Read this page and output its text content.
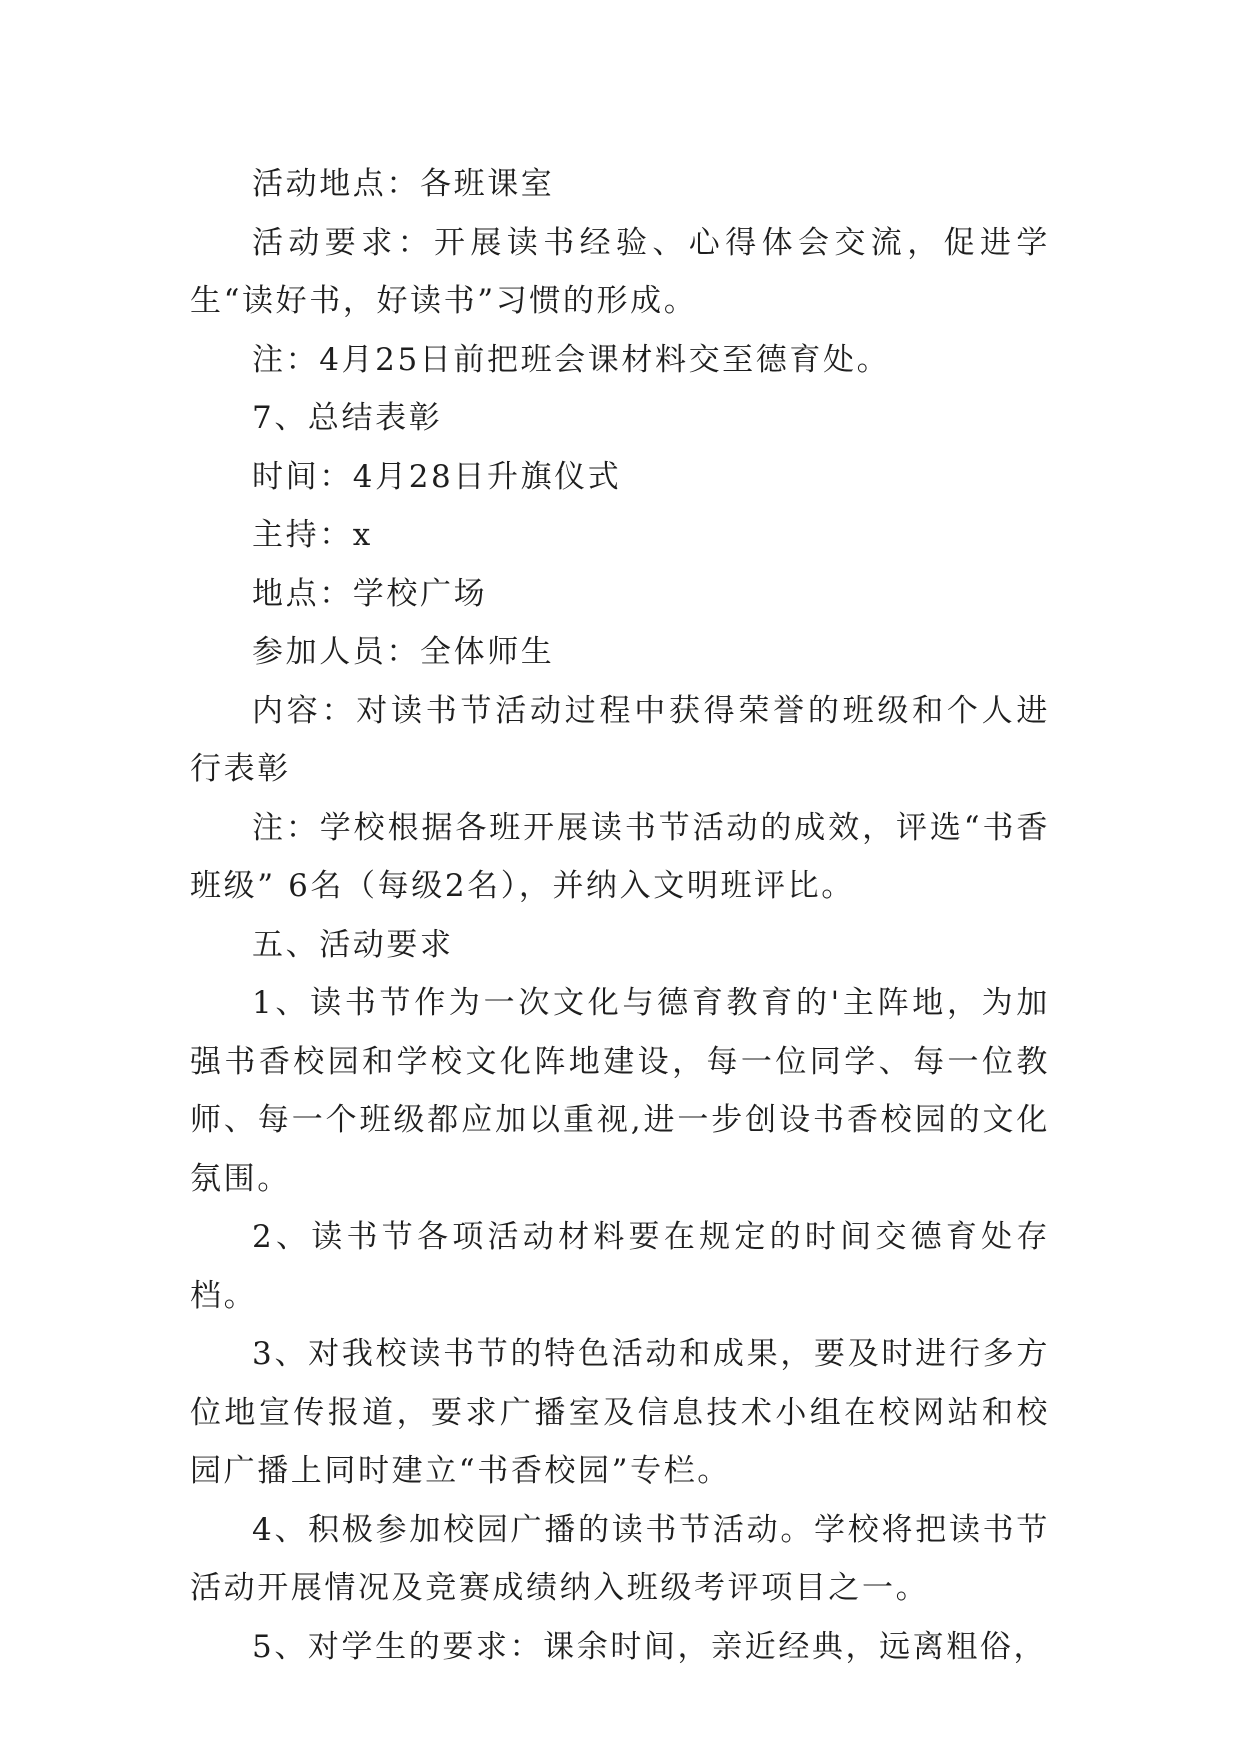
活动地点：各班课室

活动要求：开展读书经验、心得体会交流，促进学生“读好书，好读书”习惯的形成。

注：4月25日前把班会课材料交至德育处。

7、总结表彰

时间：4月28日升旗仪式

主持：x

地点：学校广场

参加人员：全体师生

内容：对读书节活动过程中获得荣誉的班级和个人进行表彰

注：学校根据各班开展读书节活动的成效，评选“书香班级” 6名（每级2名），并纳入文明班评比。

五、活动要求

1、读书节作为一次文化与德育教育的'主阵地，为加强书香校园和学校文化阵地建设，每一位同学、每一位教师、每一个班级都应加以重视,进一步创设书香校园的文化氛围。

2、读书节各项活动材料要在规定的时间交德育处存档。

3、对我校读书节的特色活动和成果，要及时进行多方位地宣传报道，要求广播室及信息技术小组在校网站和校园广播上同时建立“书香校园”专栏。

4、积极参加校园广播的读书节活动。学校将把读书节活动开展情况及竞赛成绩纳入班级考评项目之一。

5、对学生的要求：课余时间，亲近经典，远离粗俗，
